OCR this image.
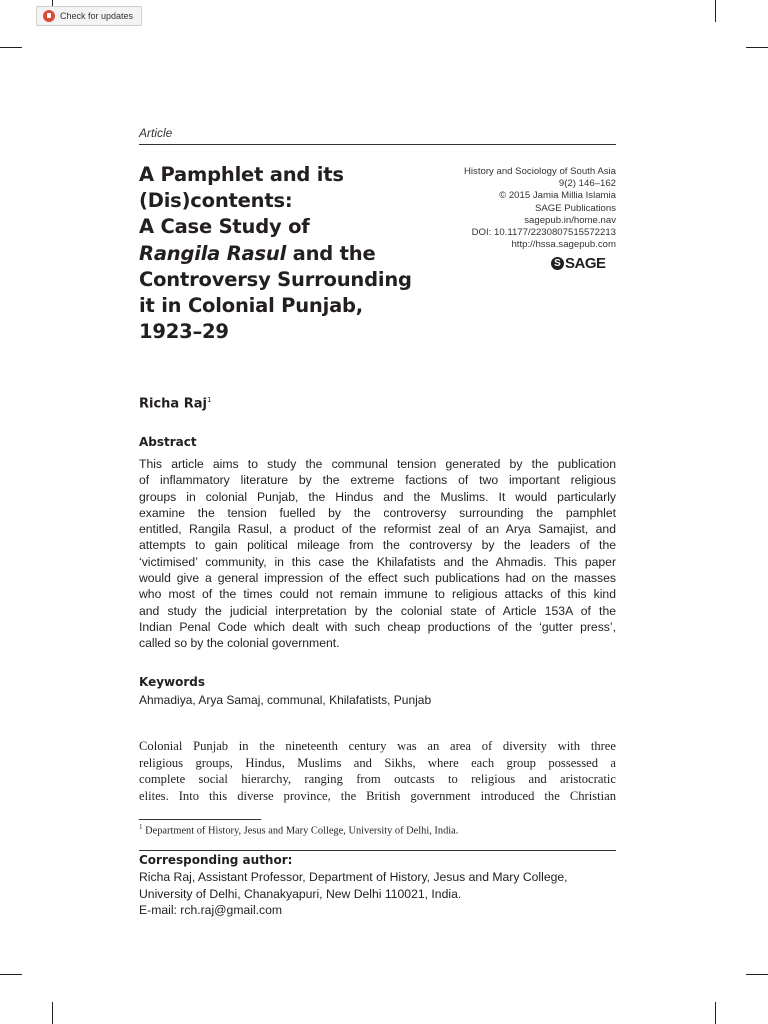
Check for updates
Article
A Pamphlet and its
(Dis)contents:
A Case Study of
Rangila Rasul and the
Controversy Surrounding
it in Colonial Punjab,
1923–29
History and Sociology of South Asia
9(2) 146–162
© 2015 Jamia Millia Islamia
SAGE Publications
sagepub.in/home.nav
DOI: 10.1177/2230807515572213
http://hssa.sagepub.com
S SAGE
Richa Raj$^1$
Abstract
This article aims to study the communal tension generated by the publication
of inflammatory literature by the extreme factions of two important religious
groups in colonial Punjab, the Hindus and the Muslims. It would particularly
examine the tension fuelled by the controversy surrounding the pamphlet
entitled, Rangila Rasul, a product of the reformist zeal of an Arya Samajist, and
attempts to gain political mileage from the controversy by the leaders of the
‘victimised’ community, in this case the Khilafatists and the Ahmadis. This paper
would give a general impression of the effect such publications had on the masses
who most of the times could not remain immune to religious attacks of this kind
and study the judicial interpretation by the colonial state of Article 153A of the
Indian Penal Code which dealt with such cheap productions of the ‘gutter press’,
called so by the colonial government.
Keywords
Ahmadiya, Arya Samaj, communal, Khilafatists, Punjab
Colonial Punjab in the nineteenth century was an area of diversity with three
religious groups, Hindus, Muslims and Sikhs, where each group possessed a
complete social hierarchy, ranging from outcasts to religious and aristocratic
elites. Into this diverse province, the British government introduced the Christian
$^1$ Department of History, Jesus and Mary College, University of Delhi, India.
Corresponding author:
Richa Raj, Assistant Professor, Department of History, Jesus and Mary College,
University of Delhi, Chanakyapuri, New Delhi 110021, India.
E-mail: rch.raj@gmail.com
